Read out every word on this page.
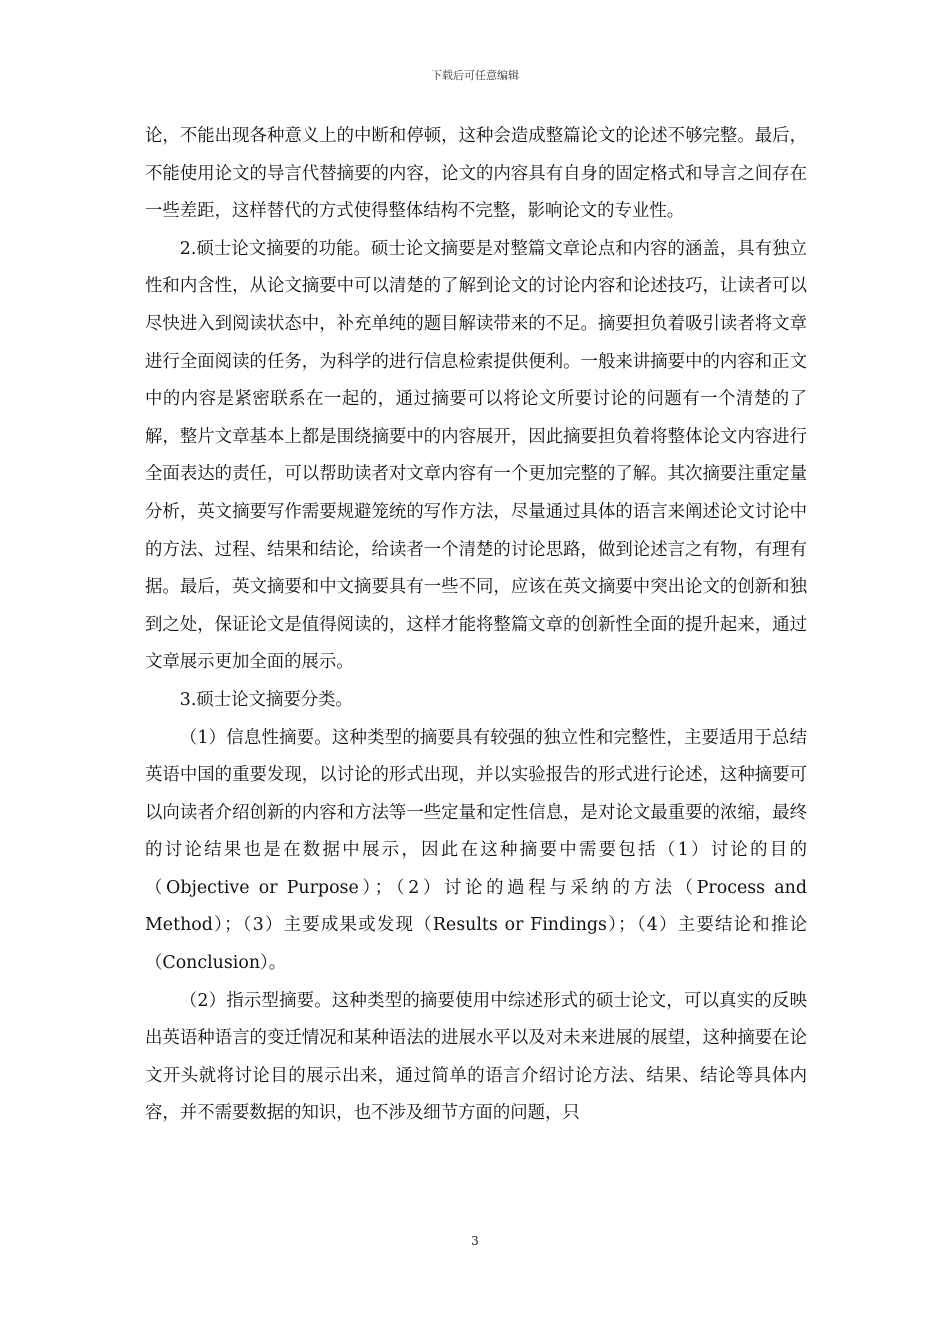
下载后可任意编辑

论，不能出现各种意义上的中断和停顿，这种会造成整篇论文的论述不够完整。最后，不能使用论文的导言代替摘要的内容，论文的内容具有自身的固定格式和导言之间存在一些差距，这样替代的方式使得整体结构不完整，影响论文的专业性。

2.硕士论文摘要的功能。硕士论文摘要是对整篇文章论点和内容的涵盖，具有独立性和内含性，从论文摘要中可以清楚的了解到论文的讨论内容和论述技巧，让读者可以尽快进入到阅读状态中，补充单纯的题目解读带来的不足。摘要担负着吸引读者将文章进行全面阅读的任务，为科学的进行信息检索提供便利。一般来讲摘要中的内容和正文中的内容是紧密联系在一起的，通过摘要可以将论文所要讨论的问题有一个清楚的了解，整片文章基本上都是围绕摘要中的内容展开，因此摘要担负着将整体论文内容进行全面表达的责任，可以帮助读者对文章内容有一个更加完整的了解。其次摘要注重定量分析，英文摘要写作需要规避笼统的写作方法，尽量通过具体的语言来阐述论文讨论中的方法、过程、结果和结论，给读者一个清楚的讨论思路，做到论述言之有物，有理有据。最后，英文摘要和中文摘要具有一些不同，应该在英文摘要中突出论文的创新和独到之处，保证论文是值得阅读的，这样才能将整篇文章的创新性全面的提升起来，通过文章展示更加全面的展示。

3.硕士论文摘要分类。

（1）信息性摘要。这种类型的摘要具有较强的独立性和完整性，主要适用于总结英语中国的重要发现，以讨论的形式出现，并以实验报告的形式进行论述，这种摘要可以向读者介绍创新的内容和方法等一些定量和定性信息，是对论文最重要的浓缩，最终的讨论结果也是在数据中展示，因此在这种摘要中需要包括（1）讨论的目的（Objective or Purpose）；（2）讨论的過程与采纳的方法（Process and Method）；（3）主要成果或发现（Results or Findings）；（4）主要结论和推论（Conclusion）。

（2）指示型摘要。这种类型的摘要使用中综述形式的硕士论文，可以真实的反映出英语种语言的变迁情况和某种语法的进展水平以及对未来进展的展望，这种摘要在论文开头就将讨论目的展示出来，通过简单的语言介绍讨论方法、结果、结论等具体内容，并不需要数据的知识，也不涉及细节方面的问题，只

3
